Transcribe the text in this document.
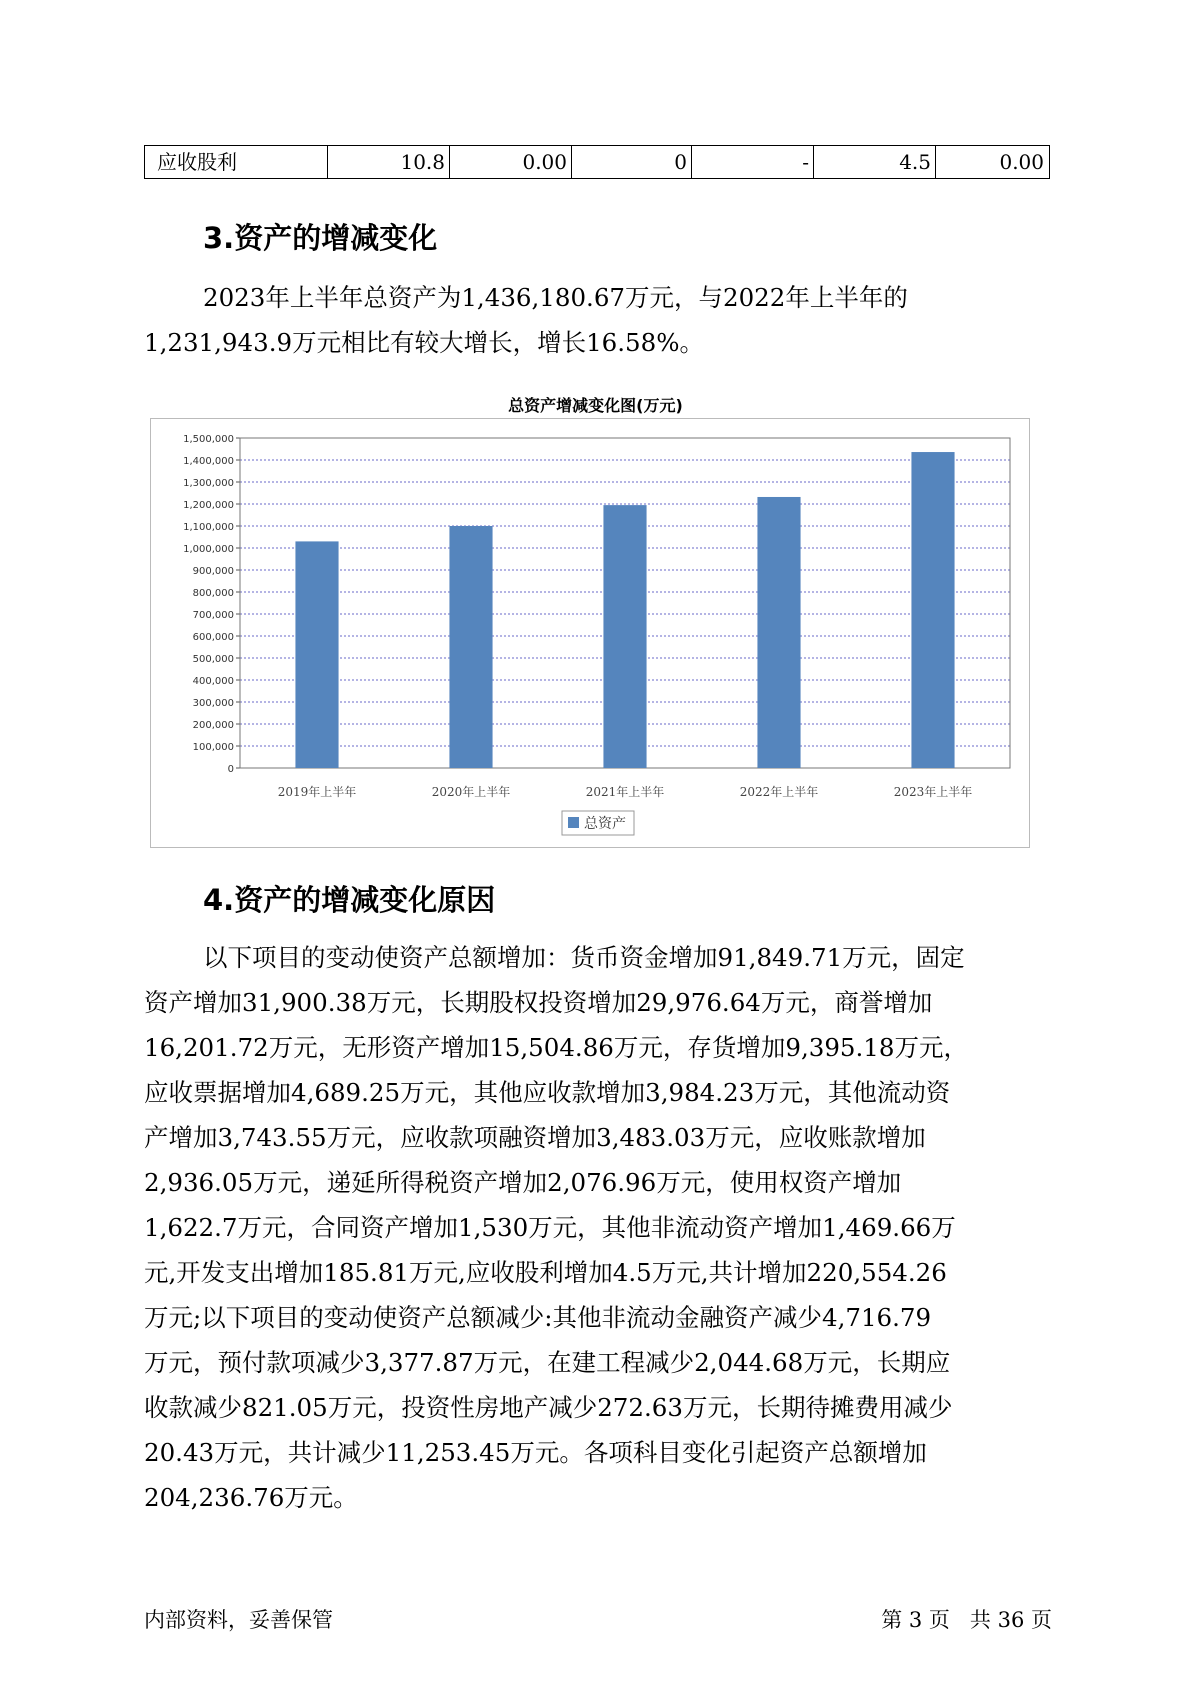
应收股利	10.8	0.00	0	-	4.5	0.00
3.资产的增减变化
2023年上半年总资产为1,436,180.67万元，与2022年上半年的
1,231,943.9万元相比有较大增长，增长16.58%。
总资产增减变化图(万元)
0
100,000
200,000
300,000
400,000
500,000
600,000
700,000
800,000
900,000
1,000,000
1,100,000
1,200,000
1,300,000
1,400,000
1,500,000
2019年上半年	2020年上半年	2021年上半年	2022年上半年	2023年上半年
总资产
4.资产的增减变化原因
以下项目的变动使资产总额增加：货币资金增加91,849.71万元，固定
资产增加31,900.38万元，长期股权投资增加29,976.64万元，商誉增加
16,201.72万元，无形资产增加15,504.86万元，存货增加9,395.18万元，
应收票据增加4,689.25万元，其他应收款增加3,984.23万元，其他流动资
产增加3,743.55万元，应收款项融资增加3,483.03万元，应收账款增加
2,936.05万元，递延所得税资产增加2,076.96万元，使用权资产增加
1,622.7万元，合同资产增加1,530万元，其他非流动资产增加1,469.66万
元,开发支出增加185.81万元,应收股利增加4.5万元,共计增加220,554.26
万元;以下项目的变动使资产总额减少:其他非流动金融资产减少4,716.79
万元，预付款项减少3,377.87万元，在建工程减少2,044.68万元，长期应
收款减少821.05万元，投资性房地产减少272.63万元，长期待摊费用减少
20.43万元，共计减少11,253.45万元。各项科目变化引起资产总额增加
204,236.76万元。
内部资料，妥善保管	第 3 页   共 36 页
